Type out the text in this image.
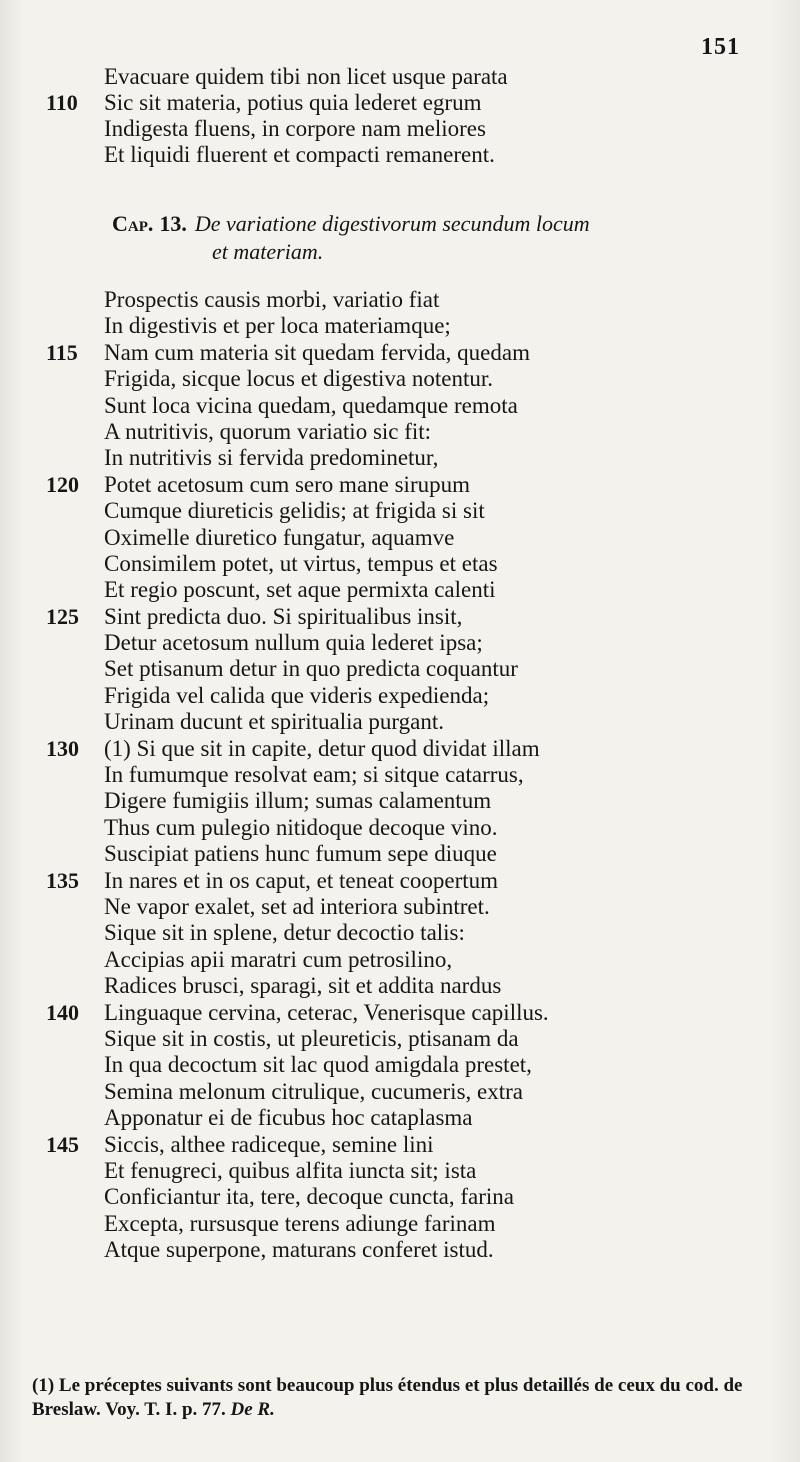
151
Evacuare quidem tibi non licet usque parata
110	Sic sit materia, potius quia lederet egrum
Indigesta fluens, in corpore nam meliores
Et liquidi fluerent et compacti remanerent.
Cap. 13. De variatione digestivorum secundum locum
et materiam.
Prospectis causis morbi, variatio fiat
In digestivis et per loca materiamque;
115	Nam cum materia sit quedam fervida, quedam
Frigida, sicque locus et digestiva notentur.
Sunt loca vicina quedam, quedamque remota
A nutritivis, quorum variatio sic fit:
In nutritivis si fervida predominetur,
120	Potet acetosum cum sero mane sirupum
Cumque diureticis gelidis; at frigida si sit
Oximelle diuretico fungatur, aquamve
Consimilem potet, ut virtus, tempus et etas
Et regio poscunt, set aque permixta calenti
125	Sint predicta duo. Si spiritualibus insit,
Detur acetosum nullum quia lederet ipsa;
Set ptisanum detur in quo predicta coquantur
Frigida vel calida que videris expedienda;
Urinam ducunt et spiritualia purgant.
130	(1) Si que sit in capite, detur quod dividat illam
In fumumque resolvat eam; si sitque catarrus,
Digere fumigiis illum; sumas calamentum
Thus cum pulegio nitidoque decoque vino.
Suscipiat patiens hunc fumum sepe diuque
135	In nares et in os caput, et teneat coopertum
Ne vapor exalet, set ad interiora subintret.
Sique sit in splene, detur decoctio talis:
Accipias apii maratri cum petrosilino,
Radices brusci, sparagi, sit et addita nardus
140	Linguaque cervina, ceterac, Venerisque capillus.
Sique sit in costis, ut pleureticis, ptisanam da
In qua decoctum sit lac quod amigdala prestet,
Semina melonum citrulique, cucumeris, extra
Apponatur ei de ficubus hoc cataplasma
145	Siccis, althee radiceque, semine lini
Et fenugreci, quibus alfita iuncta sit; ista
Conficiantur ita, tere, decoque cuncta, farina
Excepta, rursusque terens adiunge farinam
Atque superpone, maturans conferet istud.
(1) Le préceptes suivants sont beaucoup plus étendus et plus detaillés de ceux du cod. de Breslaw. Voy. T. I. p. 77. De R.
